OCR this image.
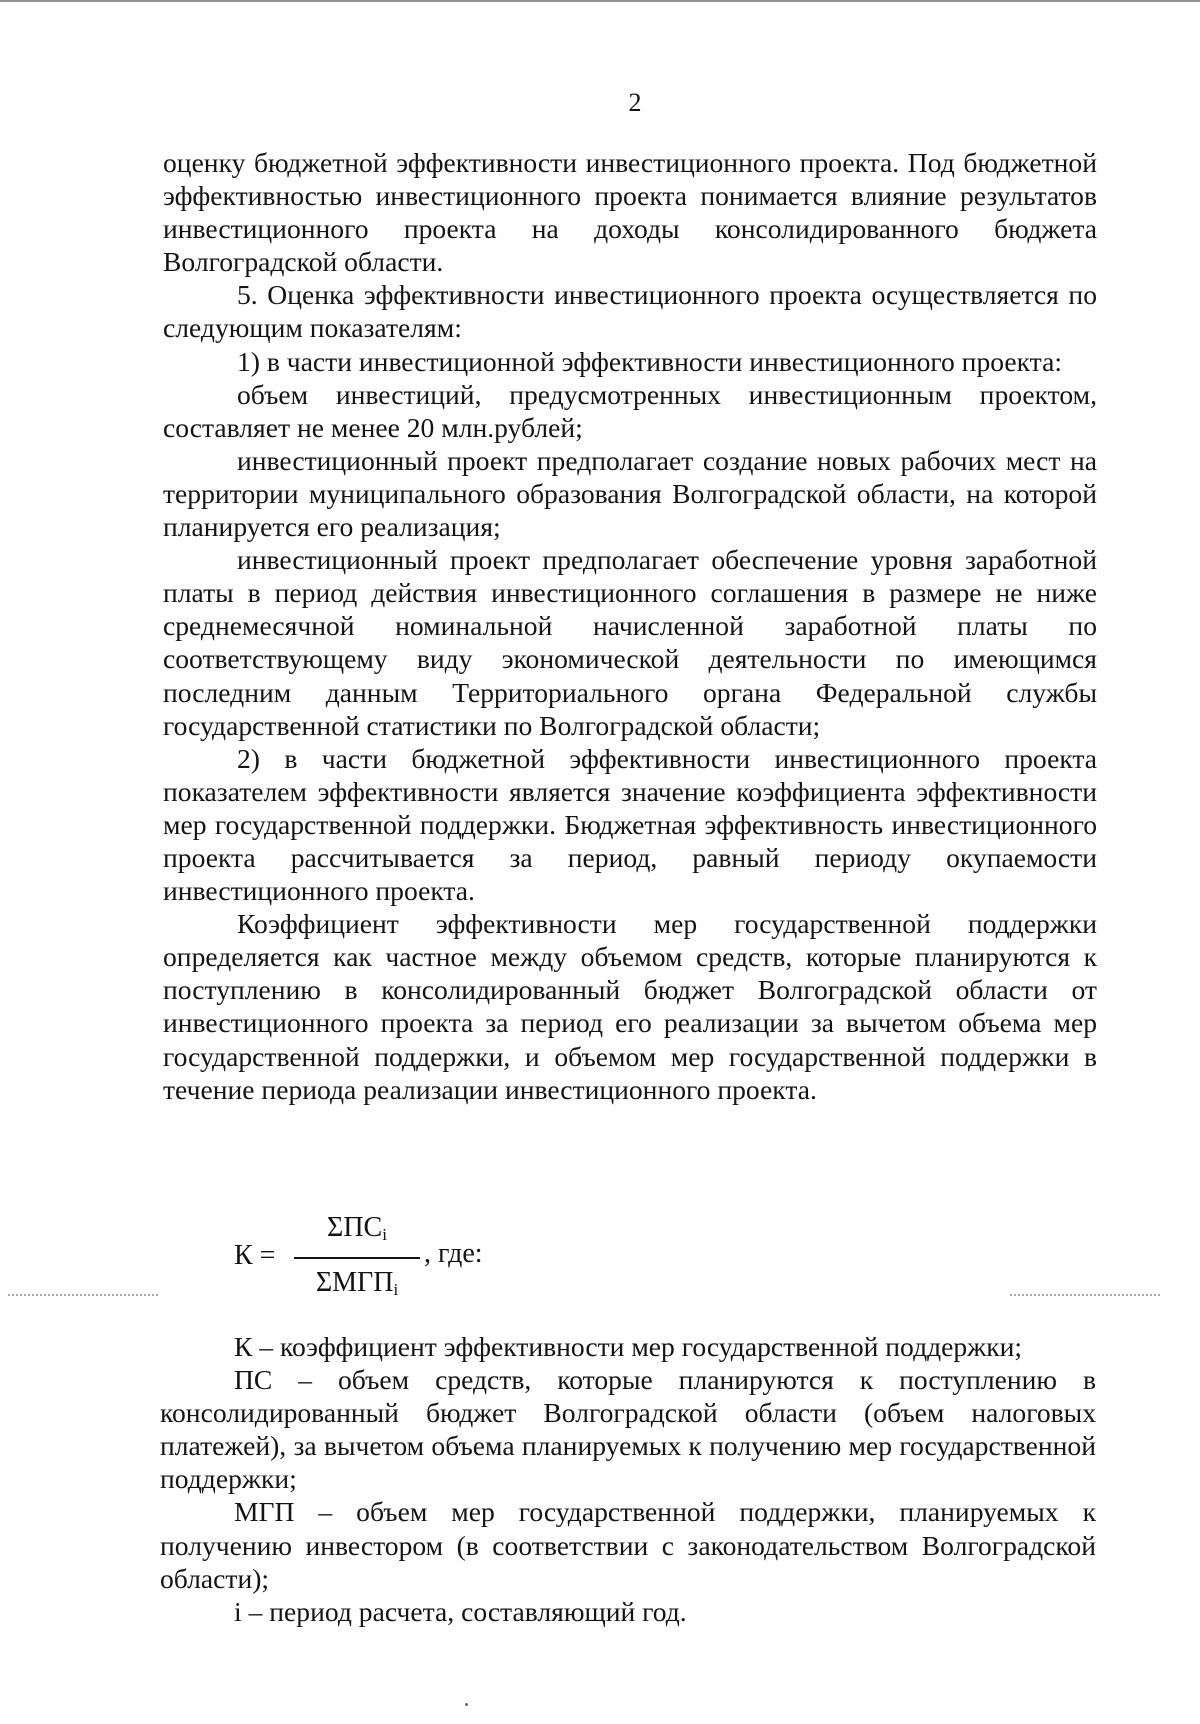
2

оценку бюджетной эффективности инвестиционного проекта. Под бюджетной эффективностью инвестиционного проекта понимается влияние результатов инвестиционного проекта на доходы консолидированного бюджета Волгоградской области.

5. Оценка эффективности инвестиционного проекта осуществляется по следующим показателям:

1) в части инвестиционной эффективности инвестиционного проекта:

объем инвестиций, предусмотренных инвестиционным проектом, составляет не менее 20 млн.рублей;

инвестиционный проект предполагает создание новых рабочих мест на территории муниципального образования Волгоградской области, на которой планируется его реализация;

инвестиционный проект предполагает обеспечение уровня заработной платы в период действия инвестиционного соглашения в размере не ниже среднемесячной номинальной начисленной заработной платы по соответствующему виду экономической деятельности по имеющимся последним данным Территориального органа Федеральной службы государственной статистики по Волгоградской области;

2) в части бюджетной эффективности инвестиционного проекта показателем эффективности является значение коэффициента эффективности мер государственной поддержки. Бюджетная эффективность инвестиционного проекта рассчитывается за период, равный периоду окупаемости инвестиционного проекта.

Коэффициент эффективности мер государственной поддержки определяется как частное между объемом средств, которые планируются к поступлению в консолидированный бюджет Волгоградской области от инвестиционного проекта за период его реализации за вычетом объема мер государственной поддержки, и объемом мер государственной поддержки в течение периода реализации инвестиционного проекта.

К =
$\Sigma ПС_i$
$\Sigma МГП_i$
, где:

К – коэффициент эффективности мер государственной поддержки;

ПС – объем средств, которые планируются к поступлению в консолидированный бюджет Волгоградской области (объем налоговых платежей), за вычетом объема планируемых к получению мер государственной поддержки;

МГП – объем мер государственной поддержки, планируемых к получению инвестором (в соответствии с законодательством Волгоградской области);

i – период расчета, составляющий год.
